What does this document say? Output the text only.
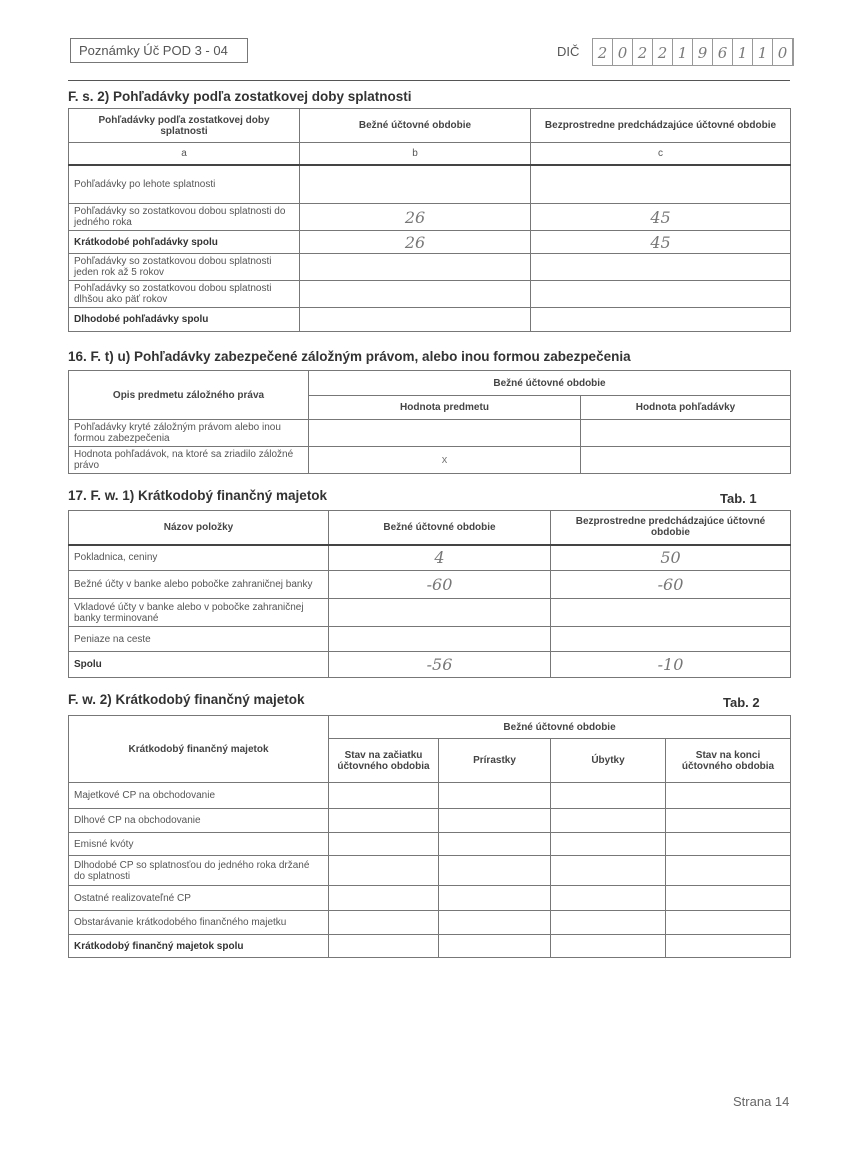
Poznámky Úč POD 3 - 04	DIČ	2 0 2 2 1 9 6 1 1 0
F. s. 2) Pohľadávky podľa zostatkovej doby splatnosti
Pohľadávky podľa zostatkovej doby splatnosti	Bežné účtovné obdobie	Bezprostredne predchádzajúce účtovné obdobie
a	b	c
Pohľadávky po lehote splatnosti		
Pohľadávky so zostatkovou dobou splatnosti do jedného roka	26	45
Krátkodobé pohľadávky spolu	26	45
Pohľadávky so zostatkovou dobou splatnosti jeden rok až 5 rokov		
Pohľadávky so zostatkovou dobou splatnosti dlhšou ako päť rokov		
Dlhodobé pohľadávky spolu		
16. F. t) u) Pohľadávky zabezpečené záložným právom, alebo inou formou zabezpečenia
Opis predmetu záložného práva	Bežné účtovné obdobie	
	Hodnota predmetu	Hodnota pohľadávky
Pohľadávky kryté záložným právom alebo inou formou zabezpečenia		
Hodnota pohľadávok, na ktoré sa zriadilo záložné právo	x	
17. F. w. 1) Krátkodobý finančný majetok	Tab. 1
Názov položky	Bežné účtovné obdobie	Bezprostredne predchádzajúce účtovné obdobie
Pokladnica, ceniny	4	50
Bežné účty v banke alebo pobočke zahraničnej banky	-60	-60
Vkladové účty v banke alebo v pobočke zahraničnej banky terminované		
Peniaze na ceste		
Spolu	-56	-10
F. w. 2) Krátkodobý finančný majetok	Tab. 2
Krátkodobý finančný majetok	Bežné účtovné obdobie			
	Stav na začiatku účtovného obdobia	Prírastky	Úbytky	Stav na konci účtovného obdobia
Majetkové CP na obchodovanie				
Dlhové CP na obchodovanie				
Emisné kvóty				
Dlhodobé CP so splatnosťou do jedného roka držané do splatnosti				
Ostatné realizovateľné CP				
Obstarávanie krátkodobého finančného majetku				
Krátkodobý finančný majetok spolu				
Strana 14
